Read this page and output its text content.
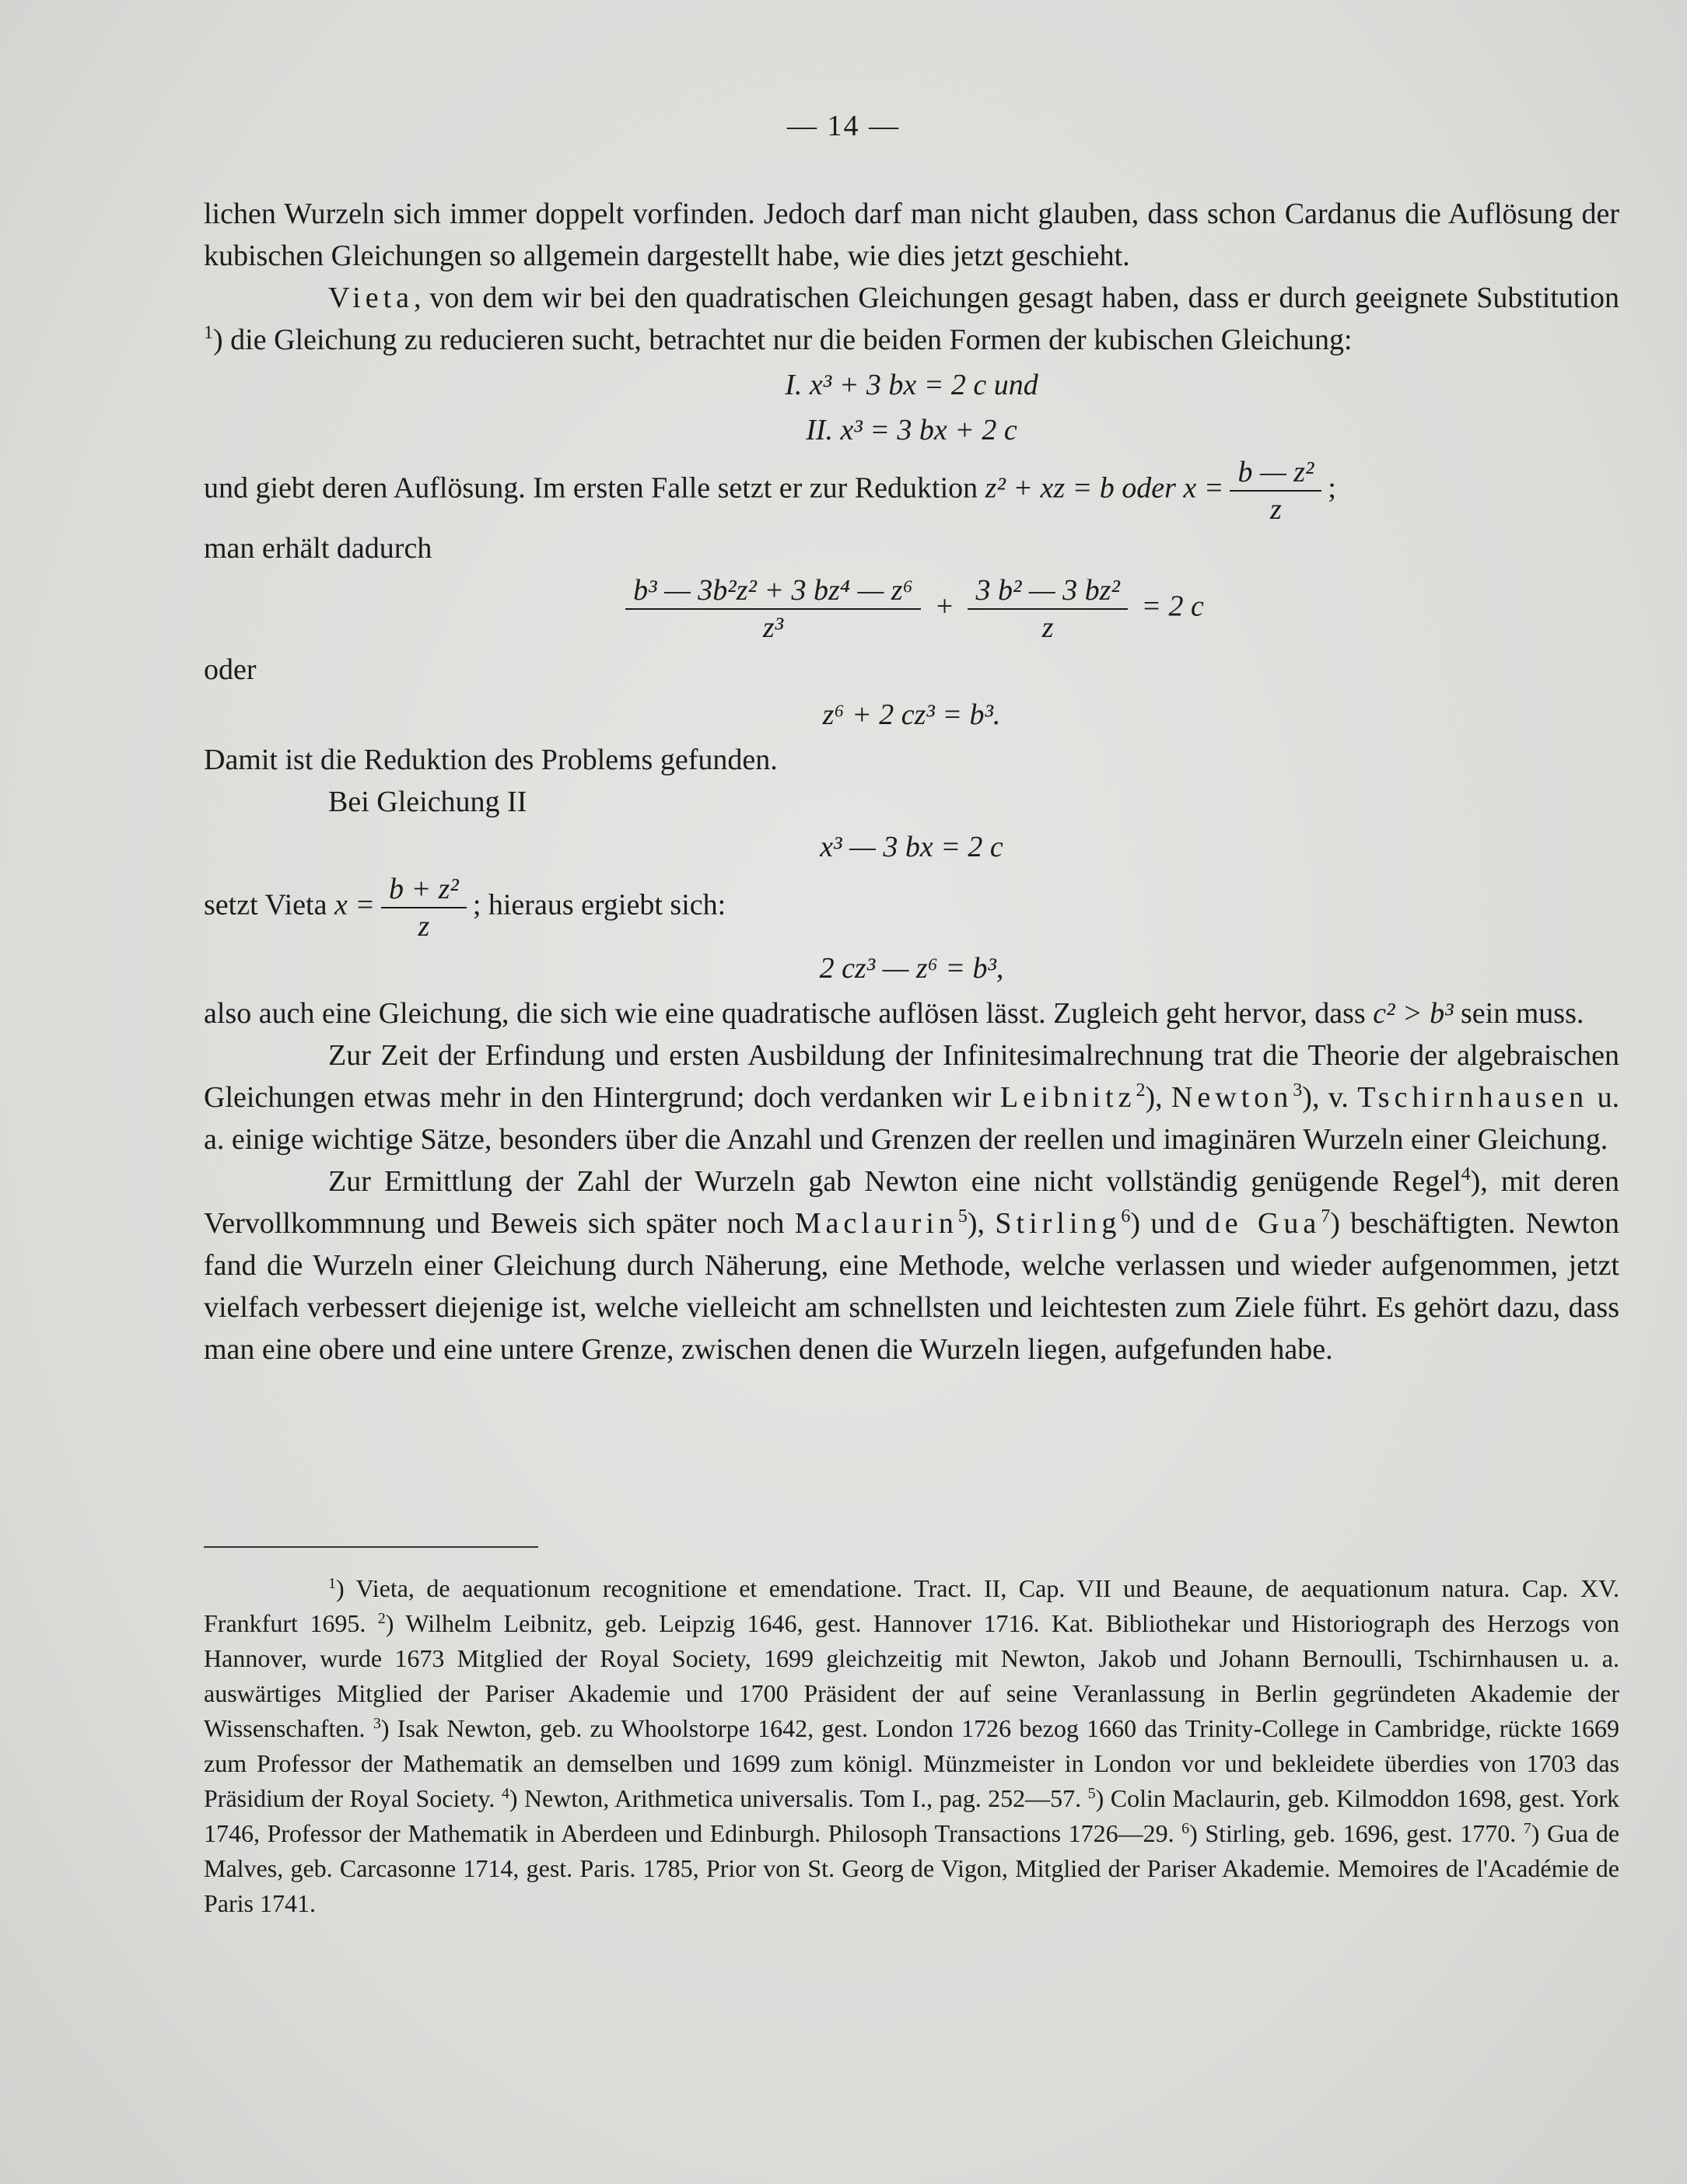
— 14 —

lichen Wurzeln sich immer doppelt vorfinden. Jedoch darf man nicht glauben, dass schon Cardanus die Auflösung der kubischen Gleichungen so allgemein dargestellt habe, wie dies jetzt geschieht.

Vieta, von dem wir bei den quadratischen Gleichungen gesagt haben, dass er durch geeignete Substitution $^1$) die Gleichung zu reducieren sucht, betrachtet nur die beiden Formen der kubischen Gleichung:

I. x³ + 3 bx = 2 c und
II. x³ = 3 bx + 2 c

und giebt deren Auflösung. Im ersten Falle setzt er zur Reduktion z² + xz = b oder $x = \frac{\text{b — z²}}{z}$ ;

man erhält dadurch

$\frac{\text{b³ — 3b²z² + 3 bz⁴ — z⁶}}{\text{z³}} + \frac{\text{3 b² — 3 bz²}}{z} = 2$ c

oder

z⁶ + 2 cz³ = b³.

Damit ist die Reduktion des Problems gefunden.

Bei Gleichung II

x³ — 3 bx = 2 c

setzt Vieta $x = \frac{\text{b + z²}}{z}$ ; hieraus ergiebt sich:

2 cz³ — z⁶ = b³,

also auch eine Gleichung, die sich wie eine quadratische auflösen lässt. Zugleich geht hervor, dass c² > b³ sein muss.

Zur Zeit der Erfindung und ersten Ausbildung der Infinitesimalrechnung trat die Theorie der algebraischen Gleichungen etwas mehr in den Hintergrund; doch verdanken wir Leibnitz$^2$), Newton$^3$), v. Tschirnhausen u. a. einige wichtige Sätze, besonders über die Anzahl und Grenzen der reellen und imaginären Wurzeln einer Gleichung.

Zur Ermittlung der Zahl der Wurzeln gab Newton eine nicht vollständig genügende Regel$^4$), mit deren Vervollkommnung und Beweis sich später noch Maclaurin$^5$), Stirling$^6$) und de Gua$^7$) beschäftigten. Newton fand die Wurzeln einer Gleichung durch Näherung, eine Methode, welche verlassen und wieder aufgenommen, jetzt vielfach verbessert diejenige ist, welche vielleicht am schnellsten und leichtesten zum Ziele führt. Es gehört dazu, dass man eine obere und eine untere Grenze, zwischen denen die Wurzeln liegen, aufgefunden habe.

$^1$) Vieta, de aequationum recognitione et emendatione. Tract. II, Cap. VII und Beaune, de aequationum natura. Cap. XV. Frankfurt 1695. $^2$) Wilhelm Leibnitz, geb. Leipzig 1646, gest. Hannover 1716. Kat. Bibliothekar und Historiograph des Herzogs von Hannover, wurde 1673 Mitglied der Royal Society, 1699 gleichzeitig mit Newton, Jakob und Johann Bernoulli, Tschirnhausen u. a. auswärtiges Mitglied der Pariser Akademie und 1700 Präsident der auf seine Veranlassung in Berlin gegründeten Akademie der Wissenschaften. $^3$) Isak Newton, geb. zu Whoolstorpe 1642, gest. London 1726 bezog 1660 das Trinity-College in Cambridge, rückte 1669 zum Professor der Mathematik an demselben und 1699 zum königl. Münzmeister in London vor und bekleidete überdies von 1703 das Präsidium der Royal Society. $^4$) Newton, Arithmetica universalis. Tom I., pag. 252—57. $^5$) Colin Maclaurin, geb. Kilmoddon 1698, gest. York 1746, Professor der Mathematik in Aberdeen und Edinburgh. Philosoph Transactions 1726—29. $^6$) Stirling, geb. 1696, gest. 1770. $^7$) Gua de Malves, geb. Carcasonne 1714, gest. Paris. 1785, Prior von St. Georg de Vigon, Mitglied der Pariser Akademie. Memoires de l'Académie de Paris 1741.
